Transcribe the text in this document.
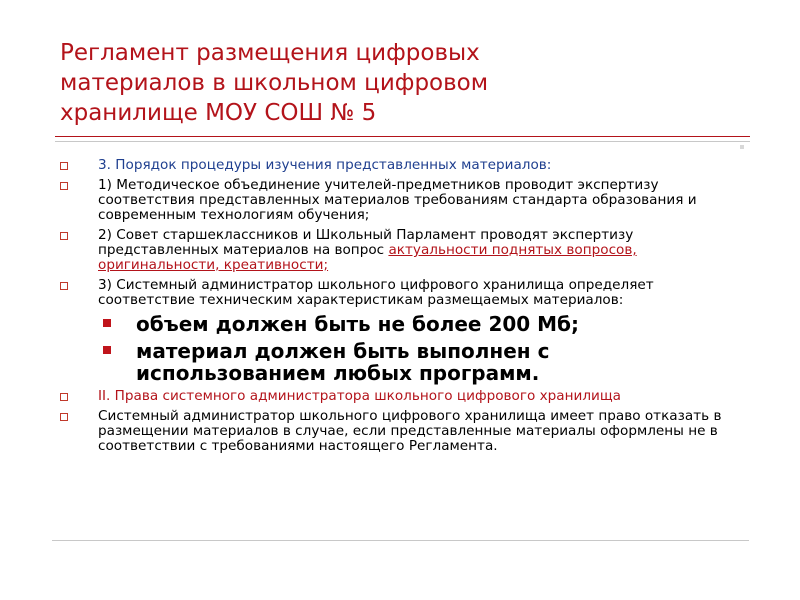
Регламент размещения цифровых материалов в школьном цифровом хранилище МОУ СОШ № 5
3. Порядок процедуры изучения представленных материалов:
1) Методическое объединение учителей-предметников проводит экспертизу соответствия представленных материалов требованиям стандарта образования и современным технологиям обучения;
2) Совет старшеклассников и Школьный Парламент проводят экспертизу представленных материалов на вопрос актуальности поднятых вопросов, оригинальности, креативности;
3) Системный администратор школьного цифрового хранилища определяет соответствие техническим характеристикам размещаемых материалов:
объем должен быть не более 200 Мб;
материал должен быть выполнен с использованием любых программ.
II. Права системного администратора школьного цифрового хранилища
Системный администратор школьного цифрового хранилища имеет право отказать в размещении материалов в случае, если представленные материалы оформлены не в соответствии с требованиями настоящего Регламента.
